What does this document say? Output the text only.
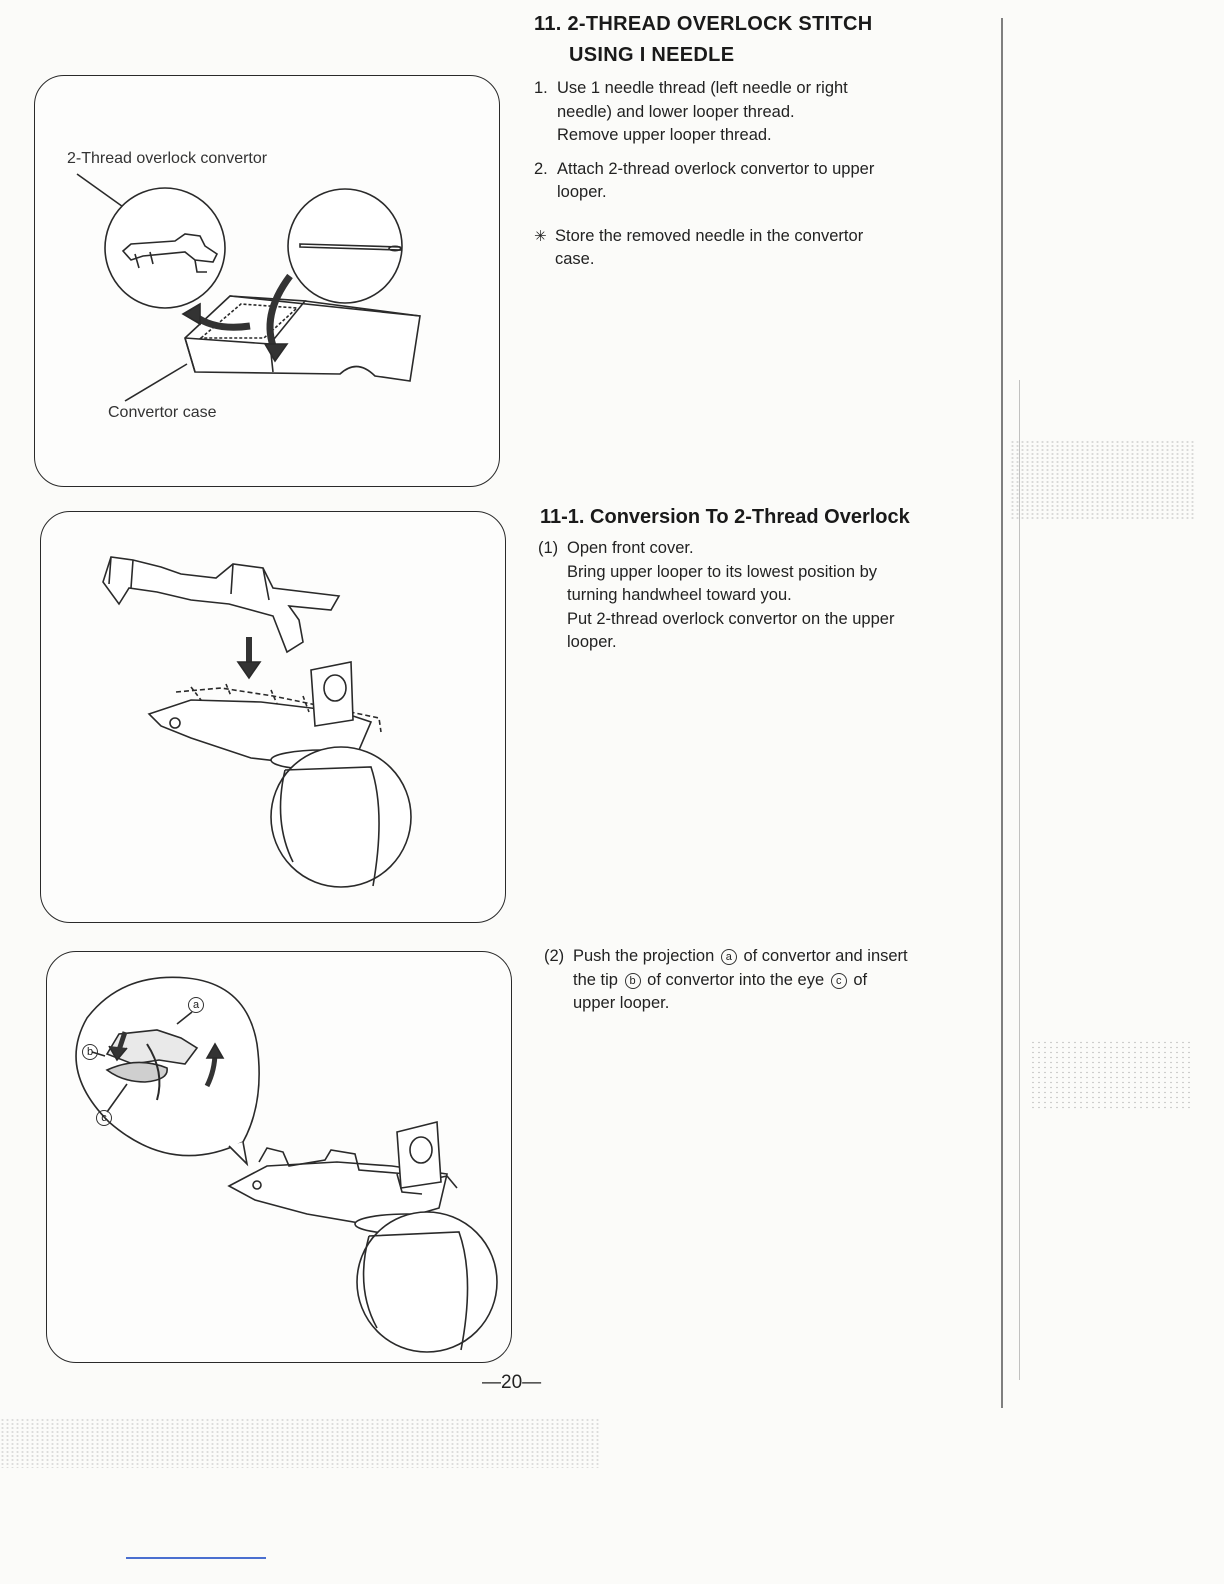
2-Thread overlock convertor
Convertor case
a
b
c
11. 2-THREAD OVERLOCK STITCH
USING I NEEDLE
1. Use 1 needle thread (left needle or right
needle) and lower looper thread.
Remove upper looper thread.
2. Attach 2-thread overlock convertor to upper
looper.
✳ Store the removed needle in the convertor
case.
11-1. Conversion To 2-Thread Overlock
(1) Open front cover.
Bring upper looper to its lowest position by
turning handwheel toward you.
Put 2-thread overlock convertor on the upper
looper.
(2) Push the projection a of convertor and insert
the tip b of convertor into the eye c of
upper looper.
—20—
